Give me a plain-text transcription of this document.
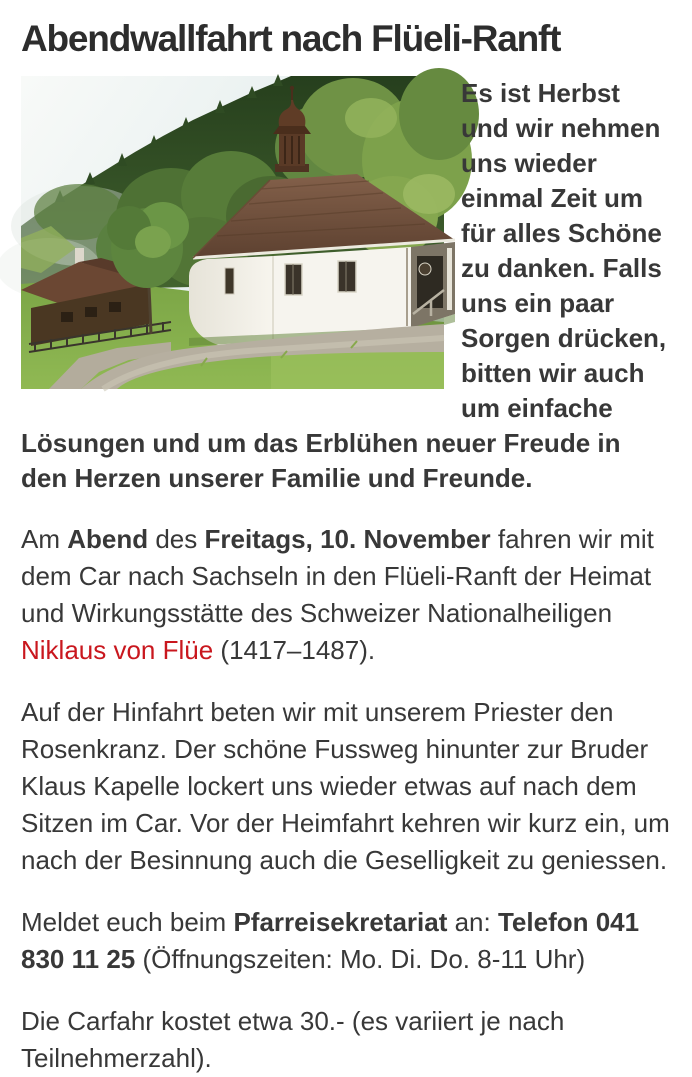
Abendwallfahrt nach Flüeli-Ranft

Es ist Herbst und wir nehmen uns wieder einmal Zeit um für alles Schöne zu danken. Falls uns ein paar Sorgen drücken, bitten wir auch um einfache Lösungen und um das Erblühen neuer Freude in den Herzen unserer Familie und Freunde.

Am Abend des Freitags, 10. November fahren wir mit dem Car nach Sachseln in den Flüeli-Ranft der Heimat und Wirkungsstätte des Schweizer Nationalheiligen Niklaus von Flüe (1417–1487).

Auf der Hinfahrt beten wir mit unserem Priester den Rosenkranz. Der schöne Fussweg hinunter zur Bruder Klaus Kapelle lockert uns wieder etwas auf nach dem Sitzen im Car. Vor der Heimfahrt kehren wir kurz ein, um nach der Besinnung auch die Geselligkeit zu geniessen.

Meldet euch beim Pfarreisekretariat an: Telefon 041 830 11 25 (Öffnungszeiten: Mo. Di. Do. 8-11 Uhr)

Die Carfahr kostet etwa 30.- (es variiert je nach Teilnehmerzahl).
